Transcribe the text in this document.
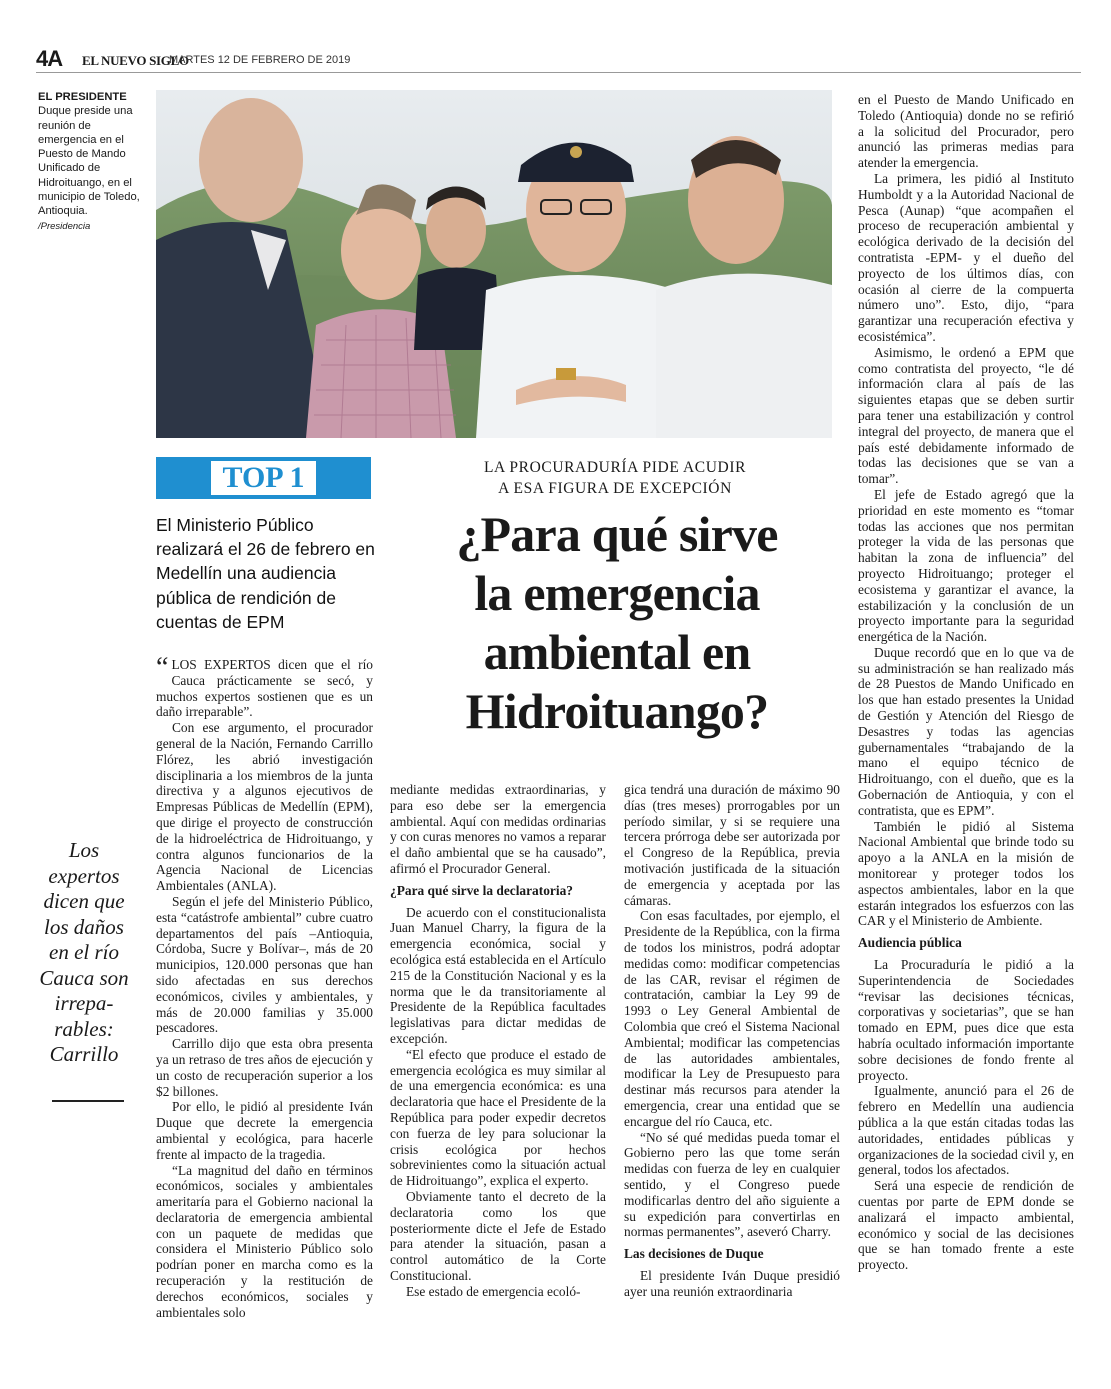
4A EL NUEVO SIGLO
MARTES 12 DE FEBRERO DE 2019
EL PRESIDENTE
Duque preside una reunión de emergencia en el Puesto de Mando Unificado de Hidroituango, en el municipio de Toledo, Antioquia.
/Presidencia

en el Puesto de Mando Unificado en Toledo (Antioquia) donde no se refirió a la solicitud del Procurador, pero anunció las primeras medias para atender la emergencia.

La primera, les pidió al Instituto Humboldt y a la Autoridad Nacional de Pesca (Aunap) “que acompañen el proceso de recuperación ambiental y ecológica derivado de la decisión del contratista -EPM- y el dueño del proyecto de los últimos días, con ocasión al cierre de la compuerta número uno”. Esto, dijo, “para garantizar una recuperación efectiva y ecosistémica”.

Asimismo, le ordenó a EPM que como contratista del proyecto, “le dé información clara al país de las siguientes etapas que se deben surtir para tener una estabilización y control integral del proyecto, de manera que el país esté debidamente informado de todas las decisiones que se van a tomar”.

El jefe de Estado agregó que la prioridad en este momento es “tomar todas las acciones que nos permitan proteger la vida de las personas que habitan la zona de influencia” del proyecto Hidroituango; proteger el ecosistema y garantizar el avance, la estabilización y la conclusión de un proyecto importante para la seguridad energética de la Nación.

Duque recordó que en lo que va de su administración se han realizado más de 28 Puestos de Mando Unificado en los que han estado presentes la Unidad de Gestión y Atención del Riesgo de Desastres y todas las agencias gubernamentales “trabajando de la mano el equipo técnico de Hidroituango, con el dueño, que es la Gobernación de Antioquia, y con el contratista, que es EPM”.

También le pidió al Sistema Nacional Ambiental que brinde todo su apoyo a la ANLA en la misión de monitorear y proteger todos los aspectos ambientales, labor en la que estarán integrados los esfuerzos con las CAR y el Ministerio de Ambiente.

Audiencia pública

La Procuraduría le pidió a la Superintendencia de Sociedades “revisar las decisiones técnicas, corporativas y societarias”, que se han tomado en EPM, pues dice que esta habría ocultado información importante sobre decisiones de fondo frente al proyecto.

Igualmente, anunció para el 26 de febrero en Medellín una audiencia pública a la que están citadas todas las autoridades, entidades públicas y organizaciones de la sociedad civil y, en general, todos los afectados.

Será una especie de rendición de cuentas por parte de EPM donde se analizará el impacto ambiental, económico y social de las decisiones que se han tomado frente a este proyecto.

TOP 1
El Ministerio Público realizará el 26 de febrero en Medellín una audiencia pública de rendición de cuentas de EPM
LA PROCURADURÍA PIDE ACUDIR
A ESA FIGURA DE EXCEPCIÓN
¿Para qué sirve
la emergencia
ambiental en
Hidroituango?
Los expertos dicen que los daños en el río Cauca son irrepa-rables: Carrillo

“ LOS EXPERTOS dicen que el río Cauca prácticamente se secó, y muchos expertos sostienen que es un daño irreparable”.

Con ese argumento, el procurador general de la Nación, Fernando Carrillo Flórez, les abrió investigación disciplinaria a los miembros de la junta directiva y a algunos ejecutivos de Empresas Públicas de Medellín (EPM), que dirige el proyecto de construcción de la hidroeléctrica de Hidroituango, y contra algunos funcionarios de la Agencia Nacional de Licencias Ambientales (ANLA).

Según el jefe del Ministerio Público, esta “catástrofe ambiental” cubre cuatro departamentos del país –Antioquia, Córdoba, Sucre y Bolívar–, más de 20 municipios, 120.000 personas que han sido afectadas en sus derechos económicos, civiles y ambientales, y más de 20.000 familias y 35.000 pescadores.

Carrillo dijo que esta obra presenta ya un retraso de tres años de ejecución y un costo de recuperación superior a los $2 billones.

Por ello, le pidió al presidente Iván Duque que decrete la emergencia ambiental y ecológica, para hacerle frente al impacto de la tragedia.

“La magnitud del daño en términos económicos, sociales y ambientales ameritaría para el Gobierno nacional la declaratoria de emergencia ambiental con un paquete de medidas que considera el Ministerio Público solo podrían poner en marcha como es la recuperación y la restitución de derechos económicos, sociales y ambientales solo

mediante medidas extraordinarias, y para eso debe ser la emergencia ambiental. Aquí con medidas ordinarias y con curas menores no vamos a reparar el daño ambiental que se ha causado”, afirmó el Procurador General.

¿Para qué sirve la declaratoria?

De acuerdo con el constitucionalista Juan Manuel Charry, la figura de la emergencia económica, social y ecológica está establecida en el Artículo 215 de la Constitución Nacional y es la norma que le da transitoriamente al Presidente de la República facultades legislativas para dictar medidas de excepción.

“El efecto que produce el estado de emergencia ecológica es muy similar al de una emergencia económica: es una declaratoria que hace el Presidente de la República para poder expedir decretos con fuerza de ley para solucionar la crisis ecológica por hechos sobrevinientes como la situación actual de Hidroituango”, explica el experto.

Obviamente tanto el decreto de la declaratoria como los que posteriormente dicte el Jefe de Estado para atender la situación, pasan a control automático de la Corte Constitucional.

Ese estado de emergencia ecoló-

gica tendrá una duración de máximo 90 días (tres meses) prorrogables por un período similar, y si se requiere una tercera prórroga debe ser autorizada por el Congreso de la República, previa motivación justificada de la situación de emergencia y aceptada por las cámaras.

Con esas facultades, por ejemplo, el Presidente de la República, con la firma de todos los ministros, podrá adoptar medidas como: modificar competencias de las CAR, revisar el régimen de contratación, cambiar la Ley 99 de 1993 o Ley General Ambiental de Colombia que creó el Sistema Nacional Ambiental; modificar las competencias de las autoridades ambientales, modificar la Ley de Presupuesto para destinar más recursos para atender la emergencia, crear una entidad que se encargue del río Cauca, etc.

“No sé qué medidas pueda tomar el Gobierno pero las que tome serán medidas con fuerza de ley en cualquier sentido, y el Congreso puede modificarlas dentro del año siguiente a su expedición para convertirlas en normas permanentes”, aseveró Charry.

Las decisiones de Duque

El presidente Iván Duque presidió ayer una reunión extraordinaria
